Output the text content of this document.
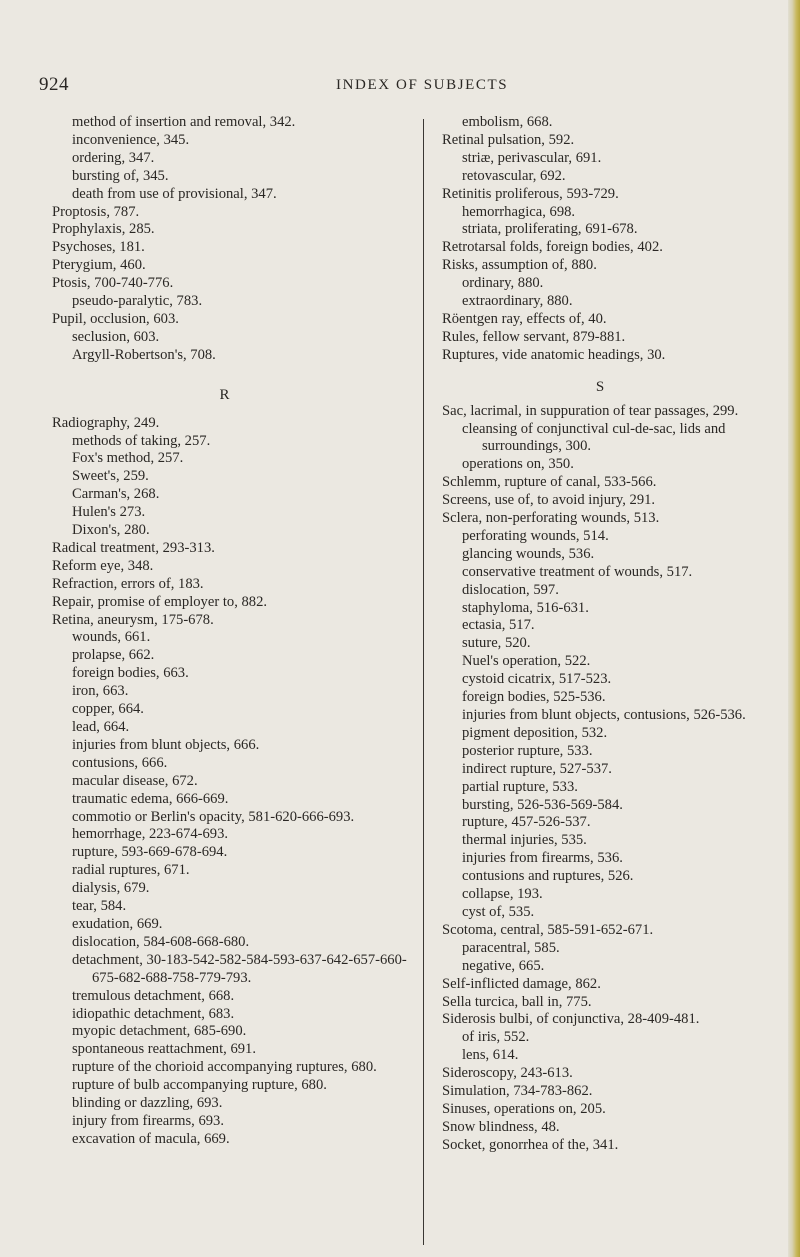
924	INDEX OF SUBJECTS
method of insertion and removal, 342.
inconvenience, 345.
ordering, 347.
bursting of, 345.
death from use of provisional, 347.
Proptosis, 787.
Prophylaxis, 285.
Psychoses, 181.
Pterygium, 460.
Ptosis, 700-740-776.
pseudo-paralytic, 783.
Pupil, occlusion, 603.
seclusion, 603.
Argyll-Robertson's, 708.
R
Radiography, 249.
methods of taking, 257.
Fox's method, 257.
Sweet's, 259.
Carman's, 268.
Hulen's 273.
Dixon's, 280.
Radical treatment, 293-313.
Reform eye, 348.
Refraction, errors of, 183.
Repair, promise of employer to, 882.
Retina, aneurysm, 175-678.
wounds, 661.
prolapse, 662.
foreign bodies, 663.
iron, 663.
copper, 664.
lead, 664.
injuries from blunt objects, 666.
contusions, 666.
macular disease, 672.
traumatic edema, 666-669.
commotio or Berlin's opacity, 581-620-666-693.
hemorrhage, 223-674-693.
rupture, 593-669-678-694.
radial ruptures, 671.
dialysis, 679.
tear, 584.
exudation, 669.
dislocation, 584-608-668-680.
detachment, 30-183-542-582-584-593-637-642-657-660-675-682-688-758-779-793.
tremulous detachment, 668.
idiopathic detachment, 683.
myopic detachment, 685-690.
spontaneous reattachment, 691.
rupture of the chorioid accompanying ruptures, 680.
rupture of bulb accompanying rupture, 680.
blinding or dazzling, 693.
injury from firearms, 693.
excavation of macula, 669.
embolism, 668.
Retinal pulsation, 592.
striæ, perivascular, 691.
retovascular, 692.
Retinitis proliferous, 593-729.
hemorrhagica, 698.
striata, proliferating, 691-678.
Retrotarsal folds, foreign bodies, 402.
Risks, assumption of, 880.
ordinary, 880.
extraordinary, 880.
Röentgen ray, effects of, 40.
Rules, fellow servant, 879-881.
Ruptures, vide anatomic headings, 30.
S
Sac, lacrimal, in suppuration of tear passages, 299.
cleansing of conjunctival cul-de-sac, lids and surroundings, 300.
operations on, 350.
Schlemm, rupture of canal, 533-566.
Screens, use of, to avoid injury, 291.
Sclera, non-perforating wounds, 513.
perforating wounds, 514.
glancing wounds, 536.
conservative treatment of wounds, 517.
dislocation, 597.
staphyloma, 516-631.
ectasia, 517.
suture, 520.
Nuel's operation, 522.
cystoid cicatrix, 517-523.
foreign bodies, 525-536.
injuries from blunt objects, contusions, 526-536.
pigment deposition, 532.
posterior rupture, 533.
indirect rupture, 527-537.
partial rupture, 533.
bursting, 526-536-569-584.
rupture, 457-526-537.
thermal injuries, 535.
injuries from firearms, 536.
contusions and ruptures, 526.
collapse, 193.
cyst of, 535.
Scotoma, central, 585-591-652-671.
paracentral, 585.
negative, 665.
Self-inflicted damage, 862.
Sella turcica, ball in, 775.
Siderosis bulbi, of conjunctiva, 28-409-481.
of iris, 552.
lens, 614.
Sideroscopy, 243-613.
Simulation, 734-783-862.
Sinuses, operations on, 205.
Snow blindness, 48.
Socket, gonorrhea of the, 341.
